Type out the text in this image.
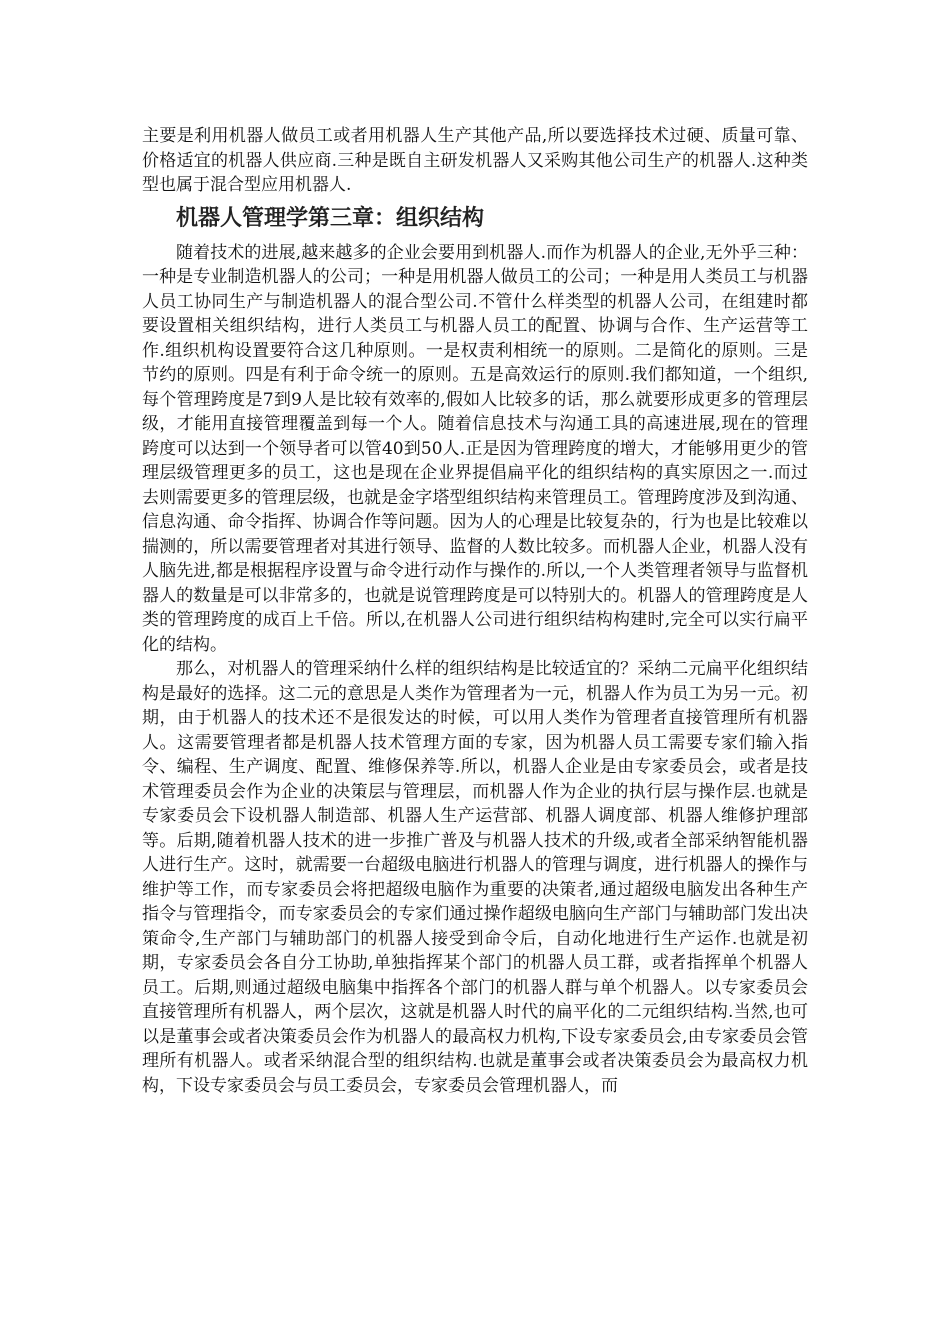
主要是利用机器人做员工或者用机器人生产其他产品,所以要选择技术过硬、质量可靠、价格适宜的机器人供应商.三种是既自主研发机器人又采购其他公司生产的机器人.这种类型也属于混合型应用机器人.

机器人管理学第三章：组织结构

随着技术的进展,越来越多的企业会要用到机器人.而作为机器人的企业,无外乎三种：一种是专业制造机器人的公司；一种是用机器人做员工的公司；一种是用人类员工与机器人员工协同生产与制造机器人的混合型公司.不管什么样类型的机器人公司，在组建时都要设置相关组织结构，进行人类员工与机器人员工的配置、协调与合作、生产运营等工作.组织机构设置要符合这几种原则。一是权责利相统一的原则。二是简化的原则。三是节约的原则。四是有利于命令统一的原则。五是高效运行的原则.我们都知道，一个组织,每个管理跨度是7到9人是比较有效率的,假如人比较多的话，那么就要形成更多的管理层级，才能用直接管理覆盖到每一个人。随着信息技术与沟通工具的高速进展,现在的管理跨度可以达到一个领导者可以管40到50人.正是因为管理跨度的增大，才能够用更少的管理层级管理更多的员工，这也是现在企业界提倡扁平化的组织结构的真实原因之一.而过去则需要更多的管理层级，也就是金字塔型组织结构来管理员工。管理跨度涉及到沟通、信息沟通、命令指挥、协调合作等问题。因为人的心理是比较复杂的，行为也是比较难以揣测的，所以需要管理者对其进行领导、监督的人数比较多。而机器人企业，机器人没有人脑先进,都是根据程序设置与命令进行动作与操作的.所以,一个人类管理者领导与监督机器人的数量是可以非常多的，也就是说管理跨度是可以特别大的。机器人的管理跨度是人类的管理跨度的成百上千倍。所以,在机器人公司进行组织结构构建时,完全可以实行扁平化的结构。

那么，对机器人的管理采纳什么样的组织结构是比较适宜的？采纳二元扁平化组织结构是最好的选择。这二元的意思是人类作为管理者为一元，机器人作为员工为另一元。初期，由于机器人的技术还不是很发达的时候，可以用人类作为管理者直接管理所有机器人。这需要管理者都是机器人技术管理方面的专家，因为机器人员工需要专家们输入指令、编程、生产调度、配置、维修保养等.所以，机器人企业是由专家委员会，或者是技术管理委员会作为企业的决策层与管理层，而机器人作为企业的执行层与操作层.也就是专家委员会下设机器人制造部、机器人生产运营部、机器人调度部、机器人维修护理部等。后期,随着机器人技术的进一步推广普及与机器人技术的升级,或者全部采纳智能机器人进行生产。这时，就需要一台超级电脑进行机器人的管理与调度，进行机器人的操作与维护等工作，而专家委员会将把超级电脑作为重要的决策者,通过超级电脑发出各种生产指令与管理指令，而专家委员会的专家们通过操作超级电脑向生产部门与辅助部门发出决策命令,生产部门与辅助部门的机器人接受到命令后，自动化地进行生产运作.也就是初期，专家委员会各自分工协助,单独指挥某个部门的机器人员工群，或者指挥单个机器人员工。后期,则通过超级电脑集中指挥各个部门的机器人群与单个机器人。以专家委员会直接管理所有机器人，两个层次，这就是机器人时代的扁平化的二元组织结构.当然,也可以是董事会或者决策委员会作为机器人的最高权力机构,下设专家委员会,由专家委员会管理所有机器人。或者采纳混合型的组织结构.也就是董事会或者决策委员会为最高权力机构，下设专家委员会与员工委员会，专家委员会管理机器人，而
